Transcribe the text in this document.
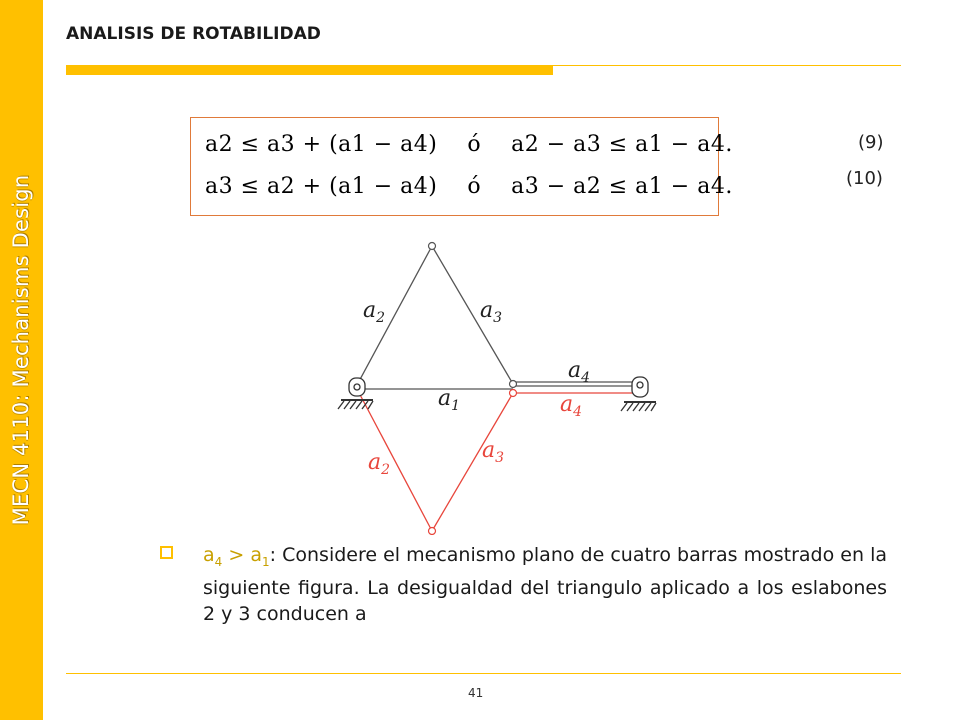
MECN 4110: Mechanisms Design
ANALISIS DE ROTABILIDAD
a2 ≤ a3 + (a1 − a4) ó a2 − a3 ≤ a1 − a4.
a3 ≤ a2 + (a1 − a4) ó a3 − a2 ≤ a1 − a4.
(9)
(10)
$a_2$	$a_3$
$a_1$
$a_4$
$a_2$
$a_3$
$a_4$
$a_4 > a_1$: Considere el mecanismo plano de cuatro barras mostrado en la siguiente figura. La desigualdad del triangulo aplicado a los eslabones 2 y 3 conducen a
41
